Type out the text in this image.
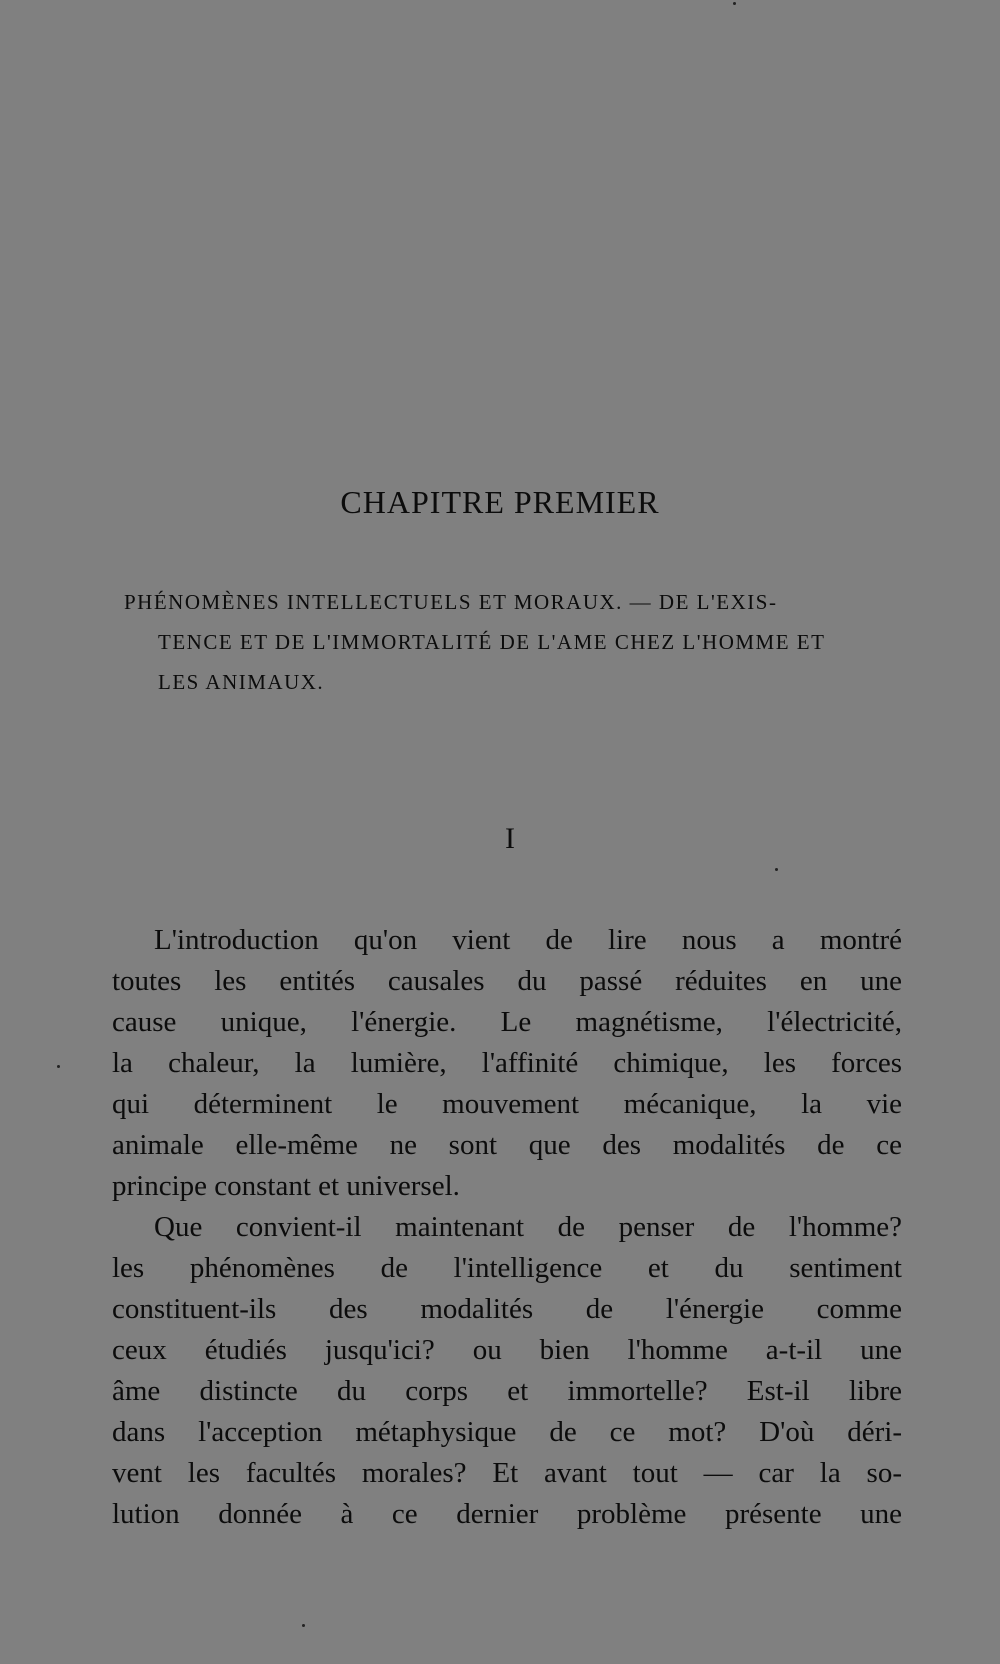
CHAPITRE PREMIER
PHÉNOMÈNES INTELLECTUELS ET MORAUX. — DE L'EXIS-
TENCE ET DE L'IMMORTALITÉ DE L'AME CHEZ L'HOMME ET
LES ANIMAUX.
I
L'introduction qu'on vient de lire nous a montré
toutes les entités causales du passé réduites en une
cause unique, l'énergie. Le magnétisme, l'électricité,
la chaleur, la lumière, l'affinité chimique, les forces
qui déterminent le mouvement mécanique, la vie
animale elle-même ne sont que des modalités de ce
principe constant et universel.
Que convient-il maintenant de penser de l'homme?
les phénomènes de l'intelligence et du sentiment
constituent-ils des modalités de l'énergie comme
ceux étudiés jusqu'ici? ou bien l'homme a-t-il une
âme distincte du corps et immortelle? Est-il libre
dans l'acception métaphysique de ce mot? D'où déri-
vent les facultés morales? Et avant tout — car la so-
lution donnée à ce dernier problème présente une
